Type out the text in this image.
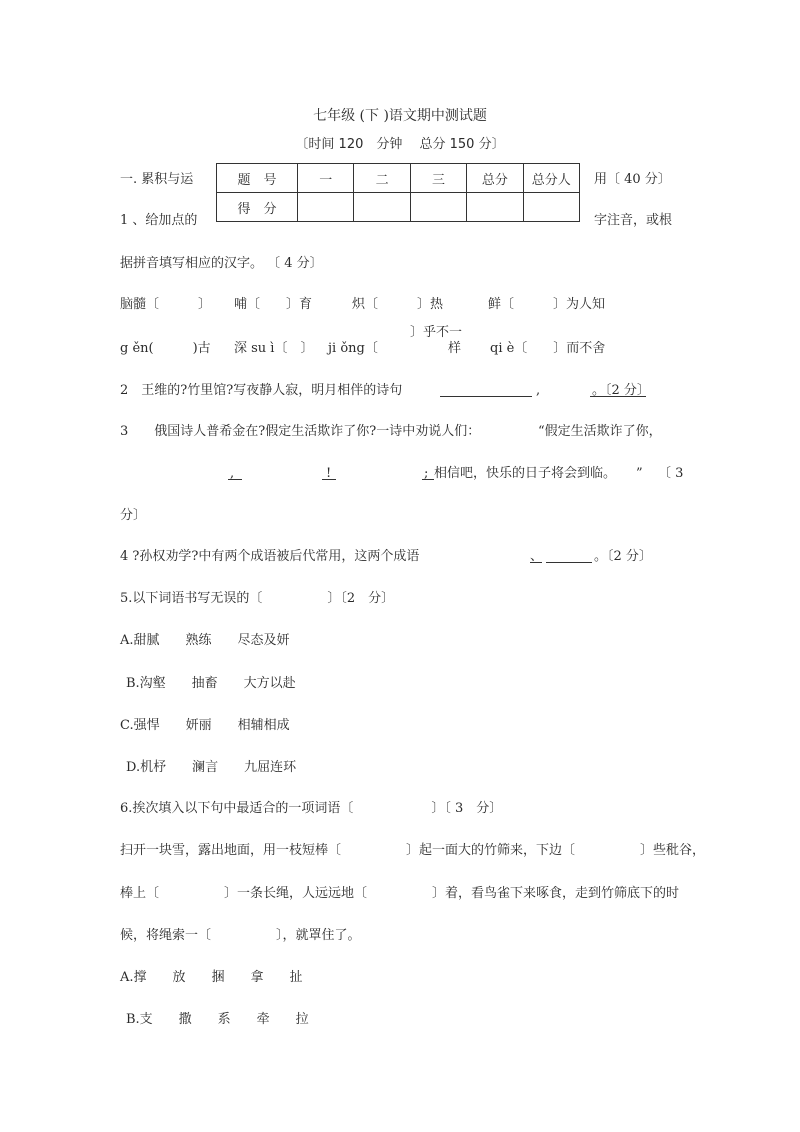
七年级 (下 )语文期中测试题
〔时间 120　分钟　 总分 150 分〕
一. 累积与运	用〔 40 分〕
题　号	一	二	三	总分	总分人
得　分					
1 、给加点的	字注音，或根
据拼音填写相应的汉字。 〔 4 分〕
脑髓〔　　　〕 哺〔　　〕育	炽〔　　　〕热	鲜〔　　　〕为人知
〕乎不一
g ěn(　　　)古 深 su ì〔　〕 ji ǒng〔	样 qi è〔　　〕而不舍
2　王维的?竹里馆?写夜静人寂，明月相伴的诗句	,	。〔2 分〕
3　　俄国诗人普希金在?假定生活欺诈了你?一诗中劝说人们：	“假定生活欺诈了你，
,	!	; 相信吧，快乐的日子将会到临。 ” 〔 3
分〕
4 ?孙权劝学?中有两个成语被后代常用，这两个成语	、	。〔2 分〕
5.以下词语书写无误的〔　　　　　〕〔2　分〕
A.甜腻　　熟练　　尽态及妍
B.沟壑　　抽畜　　大方以赴
C.强悍　　妍丽　　相辅相成
D.机杼　　澜言　　九屈连环
6.挨次填入以下句中最适合的一项词语〔　　　　　　〕〔 3　分〕
扫开一块雪，露出地面，用一枝短棒〔　　　　　〕起一面大的竹筛来，下边〔　　　　　〕些秕谷，
棒上〔　　　　　〕一条长绳，人远远地〔　　　　　〕着，看鸟雀下来啄食，走到竹筛底下的时
候，将绳索一〔　　　　　〕，就罩住了。
A.撑　　放　　捆　　拿　　扯
B.支　　撒　　系　　牵　　拉
